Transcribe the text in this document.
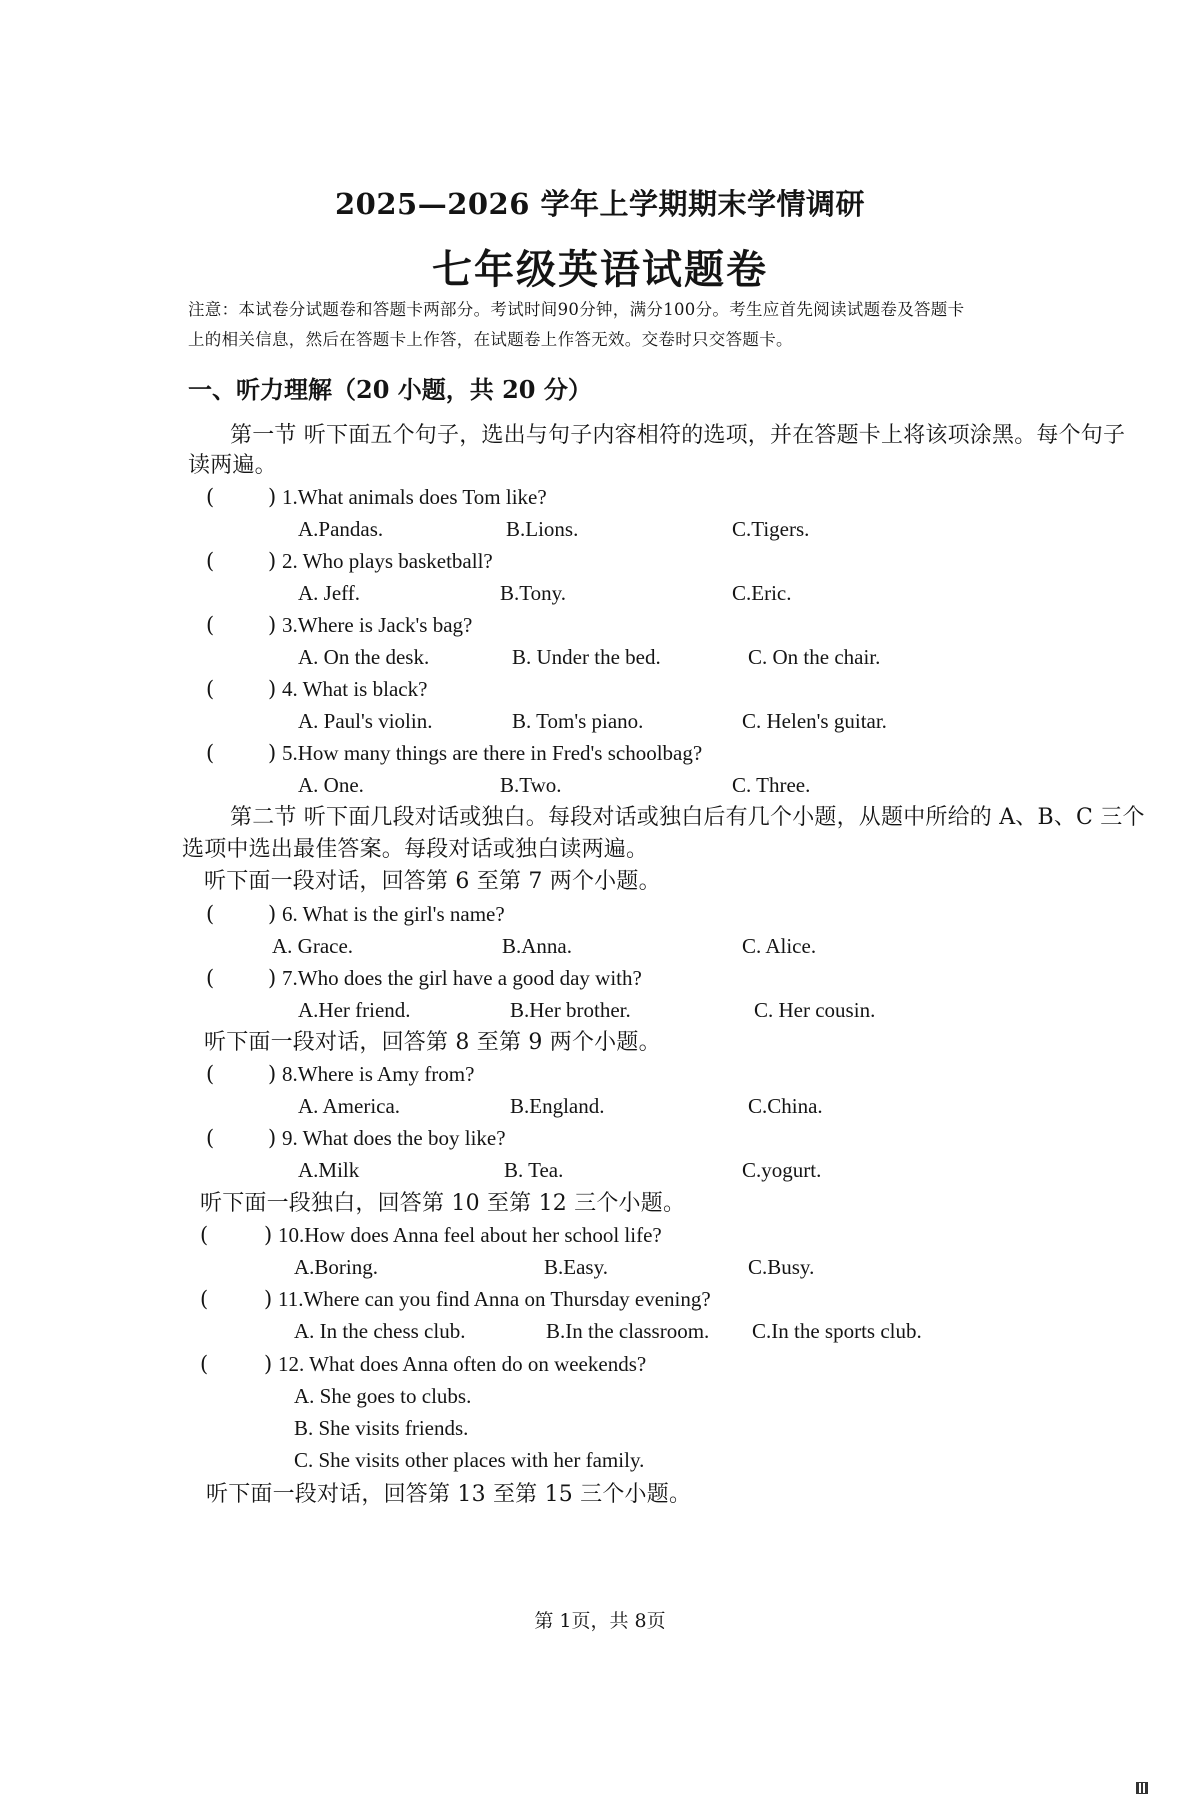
2025—2026 学年上学期期末学情调研
七年级英语试题卷
注意：本试卷分试题卷和答题卡两部分。考试时间90分钟，满分100分。考生应首先阅读试题卷及答题卡
上的相关信息，然后在答题卡上作答，在试题卷上作答无效。交卷时只交答题卡。
一、听力理解（20 小题，共 20 分）
第一节 听下面五个句子，选出与句子内容相符的选项，并在答题卡上将该项涂黑。每个句子
读两遍。
(	) 1.What animals does Tom like?
A.Pandas.	B.Lions.	C.Tigers.
(	) 2. Who plays basketball?
A. Jeff.	B.Tony.	C.Eric.
(	) 3.Where is Jack's bag?
A. On the desk.	B. Under the bed.	C. On the chair.
(	) 4. What is black?
A. Paul's violin.	B. Tom's piano.	C. Helen's guitar.
(	) 5.How many things are there in Fred's schoolbag?
A. One.	B.Two.	C. Three.
第二节 听下面几段对话或独白。每段对话或独白后有几个小题，从题中所给的 A、B、C 三个
选项中选出最佳答案。每段对话或独白读两遍。
听下面一段对话，回答第 6 至第 7 两个小题。
(	) 6. What is the girl's name?
A. Grace.	B.Anna.	C. Alice.
(	) 7.Who does the girl have a good day with?
A.Her friend.	B.Her brother.	C. Her cousin.
听下面一段对话，回答第 8 至第 9 两个小题。
(	) 8.Where is Amy from?
A. America.	B.England.	C.China.
(	) 9. What does the boy like?
A.Milk	B. Tea.	C.yogurt.
听下面一段独白，回答第 10 至第 12 三个小题。
(	) 10.How does Anna feel about her school life?
A.Boring.	B.Easy.	C.Busy.
(	) 11.Where can you find Anna on Thursday evening?
A. In the chess club.	B.In the classroom. C.In the sports club.
(	) 12. What does Anna often do on weekends?
A. She goes to clubs.
B. She visits friends.
C. She visits other places with her family.
听下面一段对话，回答第 13 至第 15 三个小题。
第 1页，共 8页
